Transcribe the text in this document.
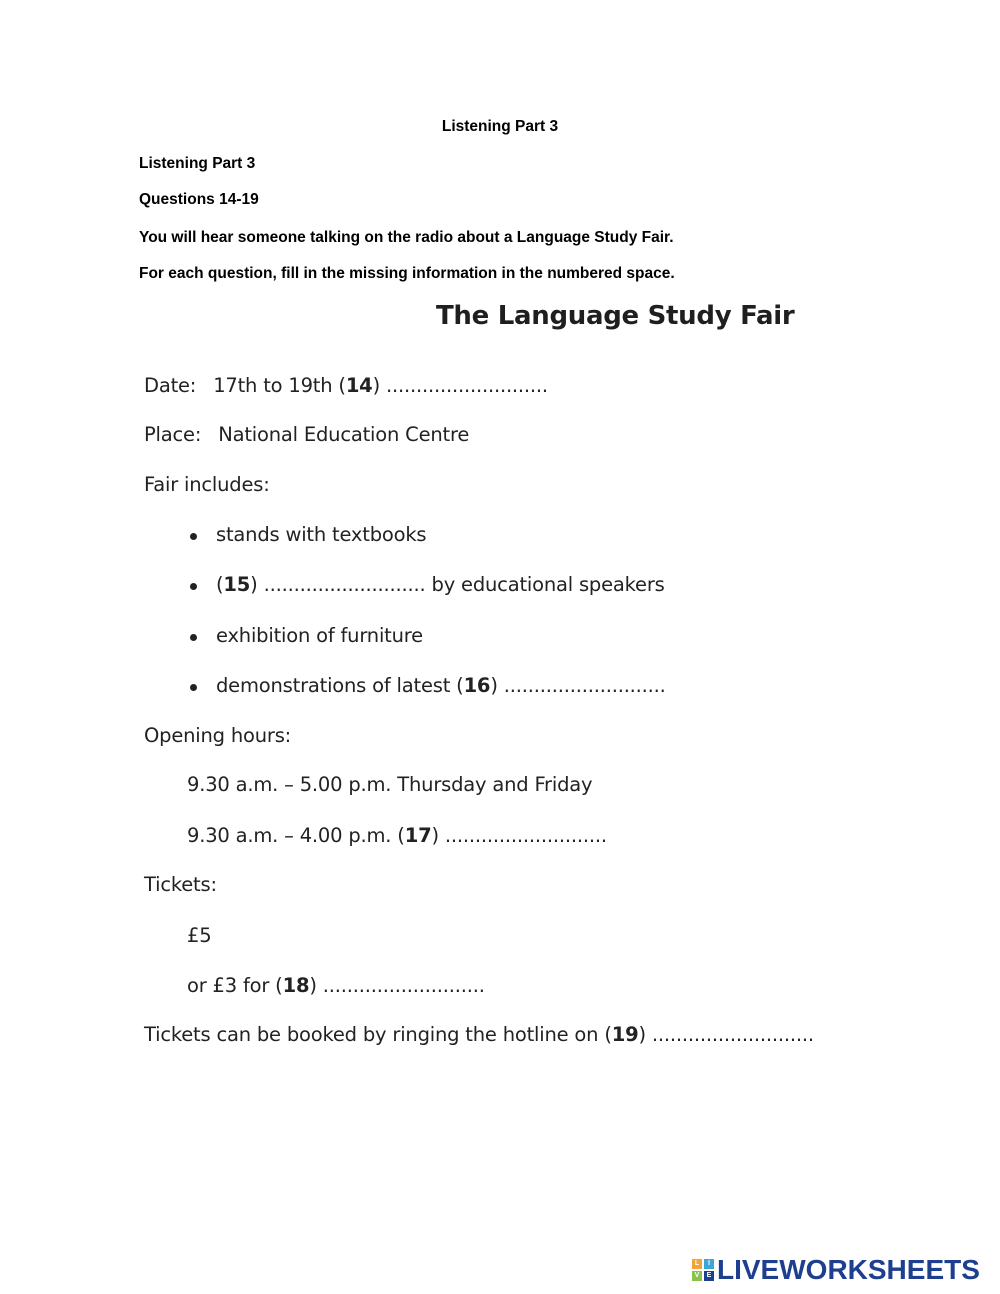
Listening Part 3
Listening Part 3
Questions 14-19
You will hear someone talking on the radio about a Language Study Fair.
For each question, fill in the missing information in the numbered space.
The Language Study Fair
Date: 17th to 19th (14) ...........................
Place: National Education Centre
Fair includes:
stands with textbooks
(15) ........................... by educational speakers
exhibition of furniture
demonstrations of latest (16) ...........................
Opening hours:
9.30 a.m. – 5.00 p.m. Thursday and Friday
9.30 a.m. – 4.00 p.m. (17) ...........................
Tickets:
£5
or £3 for (18) ...........................
Tickets can be booked by ringing the hotline on (19) ...........................
L	I
V	E LIVEWORKSHEETS
